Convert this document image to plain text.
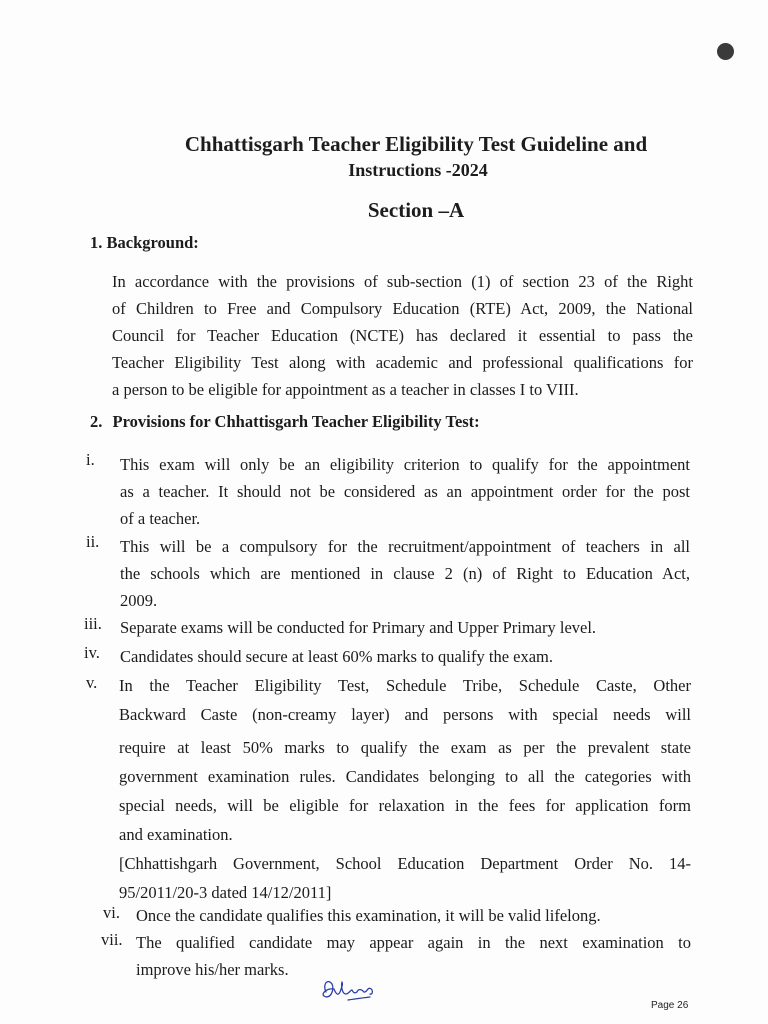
Chhattisgarh Teacher Eligibility Test Guideline and
Instructions -2024
Section –A
1. Background:
In accordance with the provisions of sub-section (1) of section 23 of the Right
of Children to Free and Compulsory Education (RTE) Act, 2009, the National
Council for Teacher Education (NCTE) has declared it essential to pass the
Teacher Eligibility Test along with academic and professional qualifications for
a person to be eligible for appointment as a teacher in classes I to VIII.
2. Provisions for Chhattisgarh Teacher Eligibility Test:
i. This exam will only be an eligibility criterion to qualify for the appointment
as a teacher. It should not be considered as an appointment order for the post
of a teacher.
ii. This will be a compulsory for the recruitment/appointment of teachers in all
the schools which are mentioned in clause 2 (n) of Right to Education Act,
2009.
iii. Separate exams will be conducted for Primary and Upper Primary level.
iv. Candidates should secure at least 60% marks to qualify the exam.
v. In the Teacher Eligibility Test, Schedule Tribe, Schedule Caste, Other
Backward Caste (non-creamy layer) and persons with special needs will
require at least 50% marks to qualify the exam as per the prevalent state
government examination rules. Candidates belonging to all the categories with
special needs, will be eligible for relaxation in the fees for application form
and examination.
[Chhattishgarh Government, School Education Department Order No. 14-
95/2011/20-3 dated 14/12/2011]
vi. Once the candidate qualifies this examination, it will be valid lifelong.
vii. The qualified candidate may appear again in the next examination to
improve his/her marks.
Page 26
